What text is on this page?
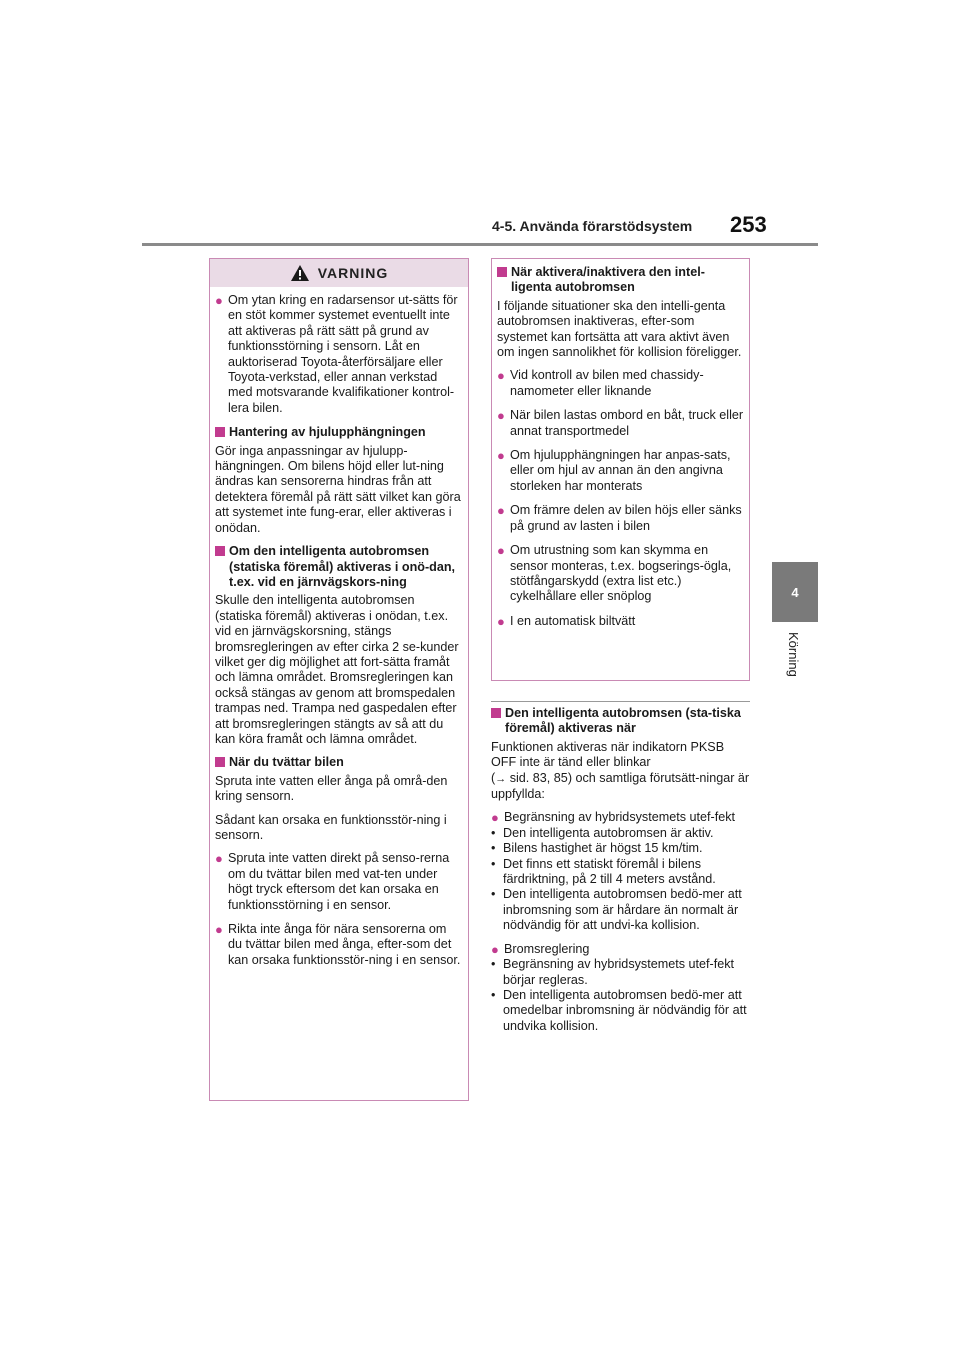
4-5. Använda förarstödsystem 253
4
Körning
VARNING
● Om ytan kring en radarsensor ut-sätts för en stöt kommer systemet eventuellt inte att aktiveras på rätt sätt på grund av funktionsstörning i sensorn. Låt en auktoriserad Toyota-återförsäljare eller Toyota-verkstad, eller annan verkstad med motsvarande kvalifikationer kontrol-lera bilen.
Hantering av hjulupphängningen
Gör inga anpassningar av hjulupp-hängningen. Om bilens höjd eller lut-ning ändras kan sensorerna hindras från att detektera föremål på rätt sätt vilket kan göra att systemet inte fung-erar, eller aktiveras i onödan.
Om den intelligenta autobromsen (statiska föremål) aktiveras i onö-dan, t.ex. vid en järnvägskors-ning
Skulle den intelligenta autobromsen (statiska föremål) aktiveras i onödan, t.ex. vid en järnvägskorsning, stängs bromsregleringen av efter cirka 2 se-kunder vilket ger dig möjlighet att fort-sätta framåt och lämna området. Bromsregleringen kan också stängas av genom att bromspedalen trampas ned. Trampa ned gaspedalen efter att bromsregleringen stängts av så att du kan köra framåt och lämna området.
När du tvättar bilen
Spruta inte vatten eller ånga på områ-den kring sensorn.
Sådant kan orsaka en funktionsstör-ning i sensorn.
● Spruta inte vatten direkt på senso-rerna om du tvättar bilen med vat-ten under högt tryck eftersom det kan orsaka en funktionsstörning i en sensor.
● Rikta inte ånga för nära sensorerna om du tvättar bilen med ånga, efter-som det kan orsaka funktionsstör-ning i en sensor.
När aktivera/inaktivera den intel-ligenta autobromsen
I följande situationer ska den intelli-genta autobromsen inaktiveras, efter-som systemet kan fortsätta att vara aktivt även om ingen sannolikhet för kollision föreligger.
● Vid kontroll av bilen med chassidy-namometer eller liknande
● När bilen lastas ombord en båt, truck eller annat transportmedel
● Om hjulupphängningen har anpas-sats, eller om hjul av annan än den angivna storleken har monterats
● Om främre delen av bilen höjs eller sänks på grund av lasten i bilen
● Om utrustning som kan skymma en sensor monteras, t.ex. bogserings-ögla, stötfångarskydd (extra list etc.) cykelhållare eller snöplog
● I en automatisk biltvätt
Den intelligenta autobromsen (sta-tiska föremål) aktiveras när
Funktionen aktiveras när indikatorn PKSB OFF inte är tänd eller blinkar
(→ sid. 83, 85) och samtliga förutsätt-ningar är uppfyllda:
● Begränsning av hybridsystemets utef-fekt
• Den intelligenta autobromsen är aktiv.
• Bilens hastighet är högst 15 km/tim.
• Det finns ett statiskt föremål i bilens färdriktning, på 2 till 4 meters avstånd.
• Den intelligenta autobromsen bedö-mer att inbromsning som är hårdare än normalt är nödvändig för att undvi-ka kollision.
● Bromsreglering
• Begränsning av hybridsystemets utef-fekt börjar regleras.
• Den intelligenta autobromsen bedö-mer att omedelbar inbromsning är nödvändig för att undvika kollision.
